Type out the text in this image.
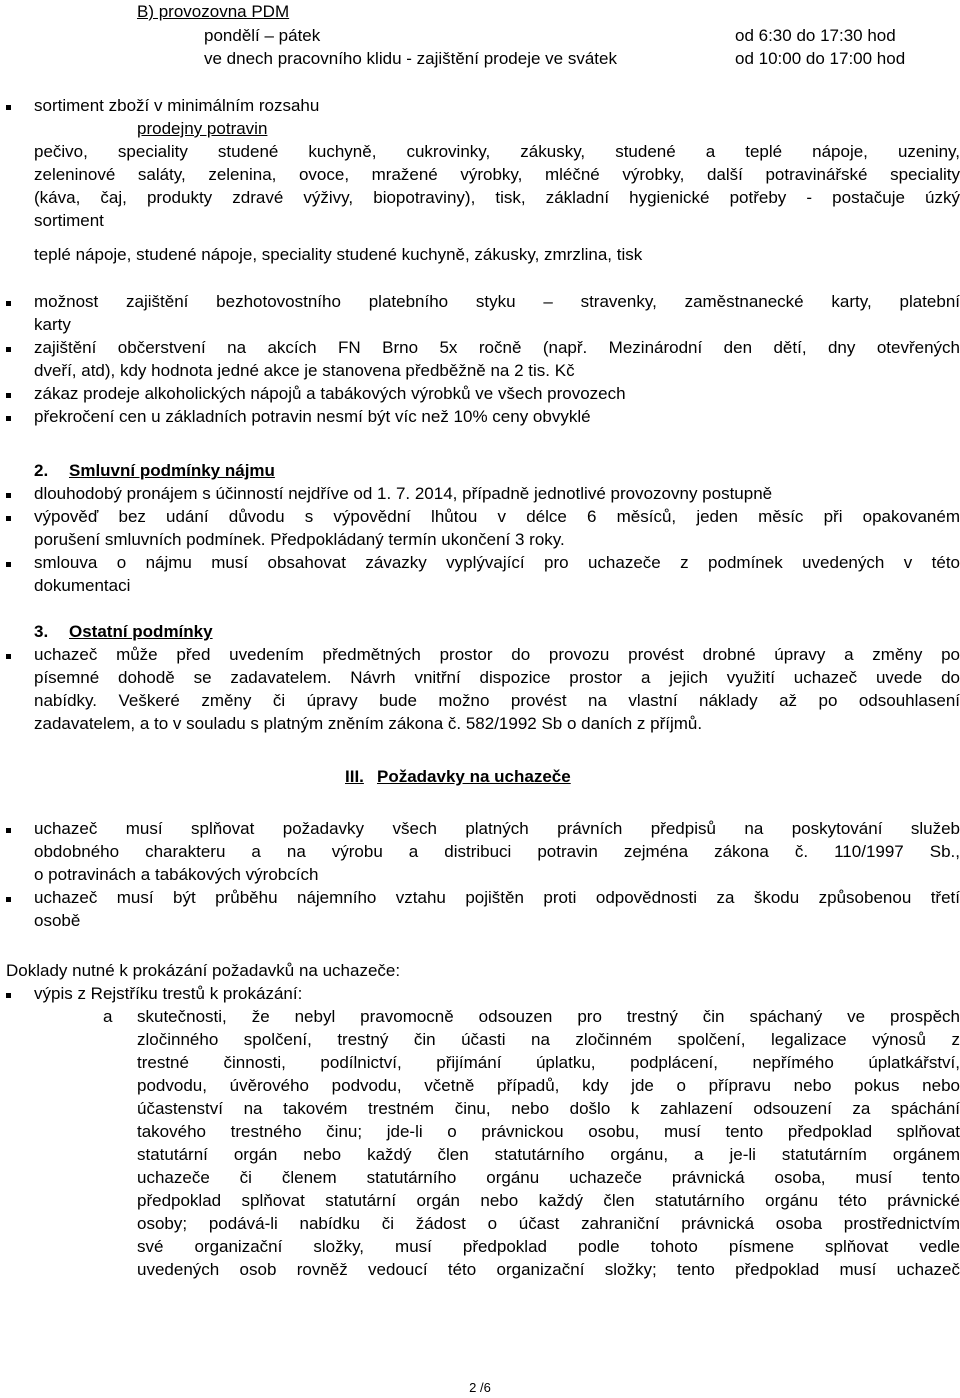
B) provozovna PDM
pondělí – pátek	od 6:30 do 17:30 hod
ve dnech pracovního klidu - zajištění prodeje ve svátek	od 10:00 do 17:00 hod
sortiment zboží v minimálním rozsahu
prodejny potravin
pečivo, speciality studené kuchyně, cukrovinky, zákusky, studené a teplé nápoje, uzeniny,
zeleninové saláty, zelenina, ovoce, mražené výrobky, mléčné výrobky, další potravinářské speciality
(káva, čaj, produkty zdravé výživy, biopotraviny), tisk, základní hygienické potřeby - postačuje úzký
sortiment
teplé nápoje, studené nápoje, speciality studené kuchyně, zákusky, zmrzlina, tisk
možnost zajištění bezhotovostního platebního styku – stravenky, zaměstnanecké karty, platební
karty
zajištění občerstvení na akcích FN Brno 5x ročně (např. Mezinárodní den dětí, dny otevřených
dveří, atd), kdy hodnota jedné akce je stanovena předběžně na 2 tis. Kč
zákaz prodeje alkoholických nápojů a tabákových výrobků ve všech provozech
překročení cen u základních potravin nesmí být víc než 10% ceny obvyklé
2. Smluvní podmínky nájmu
dlouhodobý pronájem s účinností nejdříve od 1. 7. 2014, případně jednotlivé provozovny postupně
výpověď bez udání důvodu s výpovědní lhůtou v délce 6 měsíců, jeden měsíc při opakovaném
porušení smluvních podmínek. Předpokládaný termín ukončení 3 roky.
smlouva o nájmu musí obsahovat závazky vyplývající pro uchazeče z podmínek uvedených v této
dokumentaci
3. Ostatní podmínky
uchazeč může před uvedením předmětných prostor do provozu provést drobné úpravy a změny po
písemné dohodě se zadavatelem. Návrh vnitřní dispozice prostor a jejich využití uchazeč uvede do
nabídky. Veškeré změny či úpravy bude možno provést na vlastní náklady až po odsouhlasení
zadavatelem, a to v souladu s platným zněním zákona č. 582/1992 Sb o daních z příjmů.
III. Požadavky na uchazeče
uchazeč musí splňovat požadavky všech platných právních předpisů na poskytování služeb
obdobného charakteru a na výrobu a distribuci potravin zejména zákona č. 110/1997 Sb.,
o potravinách a tabákových výrobcích
uchazeč musí být průběhu nájemního vztahu pojištěn proti odpovědnosti za škodu způsobenou třetí
osobě
Doklady nutné k prokázání požadavků na uchazeče:
výpis z Rejstříku trestů k prokázání:
a skutečnosti, že nebyl pravomocně odsouzen pro trestný čin spáchaný ve prospěch
zločinného spolčení, trestný čin účasti na zločinném spolčení, legalizace výnosů z
trestné činnosti, podílnictví, přijímání úplatku, podplácení, nepřímého úplatkářství,
podvodu, úvěrového podvodu, včetně případů, kdy jde o přípravu nebo pokus nebo
účastenství na takovém trestném činu, nebo došlo k zahlazení odsouzení za spáchání
takového trestného činu; jde-li o právnickou osobu, musí tento předpoklad splňovat
statutární orgán nebo každý člen statutárního orgánu, a je-li statutárním orgánem
uchazeče či členem statutárního orgánu uchazeče právnická osoba, musí tento
předpoklad splňovat statutární orgán nebo každý člen statutárního orgánu této právnické
osoby; podává-li nabídku či žádost o účast zahraniční právnická osoba prostřednictvím
své organizační složky, musí předpoklad podle tohoto písmene splňovat vedle
uvedených osob rovněž vedoucí této organizační složky; tento předpoklad musí uchazeč
2 /6
